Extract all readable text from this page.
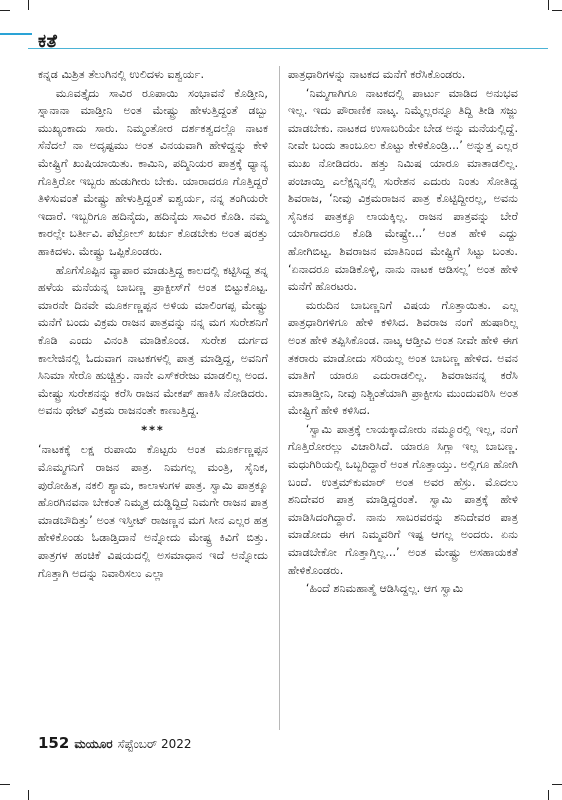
ಕತೆ

ಕನ್ನಡ ಮಿಶ್ರಿತ ತೆಲುಗಿನಲ್ಲಿ ಉಲಿದಳು ಐಶ್ವರ್ಯ.

ಮೂವತ್ತೈದು ಸಾವಿರ ರೂಪಾಯಿ ಸಂಭಾವನೆ ಕೊಡ್ತೀನಿ, ಸ್ನಾನಾನಾ ಮಾಡ್ತೀನಿ ಅಂತ ಮೇಷ್ಟ್ರು ಹೇಳುತ್ತಿದ್ದಂತೆ ಡಬ್ಬು ಮುಖ್ಯಂಕಾದು ಸಾರು. ನಿಮ್ಮಂತೋರ ದರ್ಶಕತ್ವದಲ್ಲೊ ನಾಟಕ ಸೆನೆದಲೆ ನಾ ಅದೃಷ್ಟಮು ಅಂತ ವಿನಯವಾಗಿ ಹೇಳಿದ್ದನ್ನು ಕೇಳಿ ಮೇಷ್ಟ್ರಿಗೆ ಖುಷಿಯಾಯಿತು. ಕಾಮಿನಿ, ಪದ್ಮಿನಿಯರ ಪಾತ್ರಕ್ಕೆ ಧ್ಯಾನ್ಯ ಗೊತ್ತಿರೋ ಇಬ್ಬರು ಹುಡುಗೀರು ಬೇಕು. ಯಾರಾದರೂ ಗೊತ್ತಿದ್ದರೆ ತಿಳಿಸುವಂತೆ ಮೇಷ್ಟ್ರು ಹೇಳುತ್ತಿದ್ದಂತೆ ಐಶ್ವರ್ಯ, ನನ್ನ ತಂಗಿಯರೇ ಇದಾರೆ. ಇಬ್ಬರಿಗೂ ಹದಿನೈದು, ಹದಿನೈದು ಸಾವಿರ ಕೊಡಿ. ನಮ್ಮ ಕಾರಲ್ಲೇ ಬರ್ತೀವಿ. ಪೆಟ್ರೋಲ್ ಖರ್ಚು ಕೊಡಬೇಕು ಅಂತ ಷರತ್ತು ಹಾಕಿದಳು. ಮೇಷ್ಟ್ರು ಒಪ್ಪಿಕೊಂಡರು.

ಹೊಗೆಸೊಪ್ಪಿನ ವ್ಯಾಪಾರ ಮಾಡುತ್ತಿದ್ದ ಕಾಲದಲ್ಲಿ ಕಟ್ಟಿಸಿದ್ದ ತನ್ನ ಹಳೆಯ ಮನೆಯನ್ನ ಬಾಬಣ್ಣ ಪ್ರಾಕ್ಟೀಸ್‌ಗೆ ಅಂತ ಬಿಟ್ಟುಕೊಟ್ಟ. ಮಾರನೇ ದಿನವೇ ಮೂರ್ಕಣ್ಣಪ್ಪನ ಅಳಿಯ ಮಾಲಿಂಗಪ್ಪ ಮೇಷ್ಟ್ರು ಮನೆಗೆ ಬಂದು ವಿಕ್ರಮ ರಾಜನ ಪಾತ್ರವನ್ನು ನನ್ನ ಮಗ ಸುರೇಶನಿಗೆ ಕೊಡಿ ಎಂದು ವಿನಂತಿ ಮಾಡಿಕೊಂಡ. ಸುರೇಶ ದುರ್ಗದ ಕಾಲೇಜಿನಲ್ಲಿ ಓದುವಾಗ ನಾಟಕಗಳಲ್ಲಿ ಪಾತ್ರ ಮಾಡ್ತಿದ್ದ, ಅವನಿಗೆ ಸಿನಿಮಾ ಸೇರೊ ಹುಚ್ಚಿತ್ತು. ನಾನೇ ಎಸ್‌ಕರೇಜು ಮಾಡಲಿಲ್ಲ ಅಂದ. ಮೇಷ್ಟ್ರು ಸುರೇಶನನ್ನು ಕರೆಸಿ ರಾಜನ ಮೇಕಪ್ ಹಾಕಿಸಿ ನೋಡಿದರು. ಅವನು ಥೇಟ್ ವಿಕ್ರಮ ರಾಜನಂತೇ ಕಾಣುತ್ತಿದ್ದ.

***

‘ನಾಟಕಕ್ಕೆ ಲಕ್ಷ ರುಪಾಯಿ ಕೊಟ್ಟರು ಅಂತ ಮೂರ್ಕಣ್ಣಪ್ಪನ ಮೊಮ್ಮಗನಿಗೆ ರಾಜನ ಪಾತ್ರ. ನಿಮಗಲ್ಲ ಮಂತ್ರಿ, ಸೈನಿಕ, ಪುರೋಹಿತ, ನಕಲಿ ಶ್ಯಾಮ, ಕಾಲಾಳುಗಳ ಪಾತ್ರ. ಸ್ವಾಮಿ ಪಾತ್ರಕ್ಕೂ ಹೊರಗಿನವನಾ ಬೇಕಂತೆ ನಿಮ್ಮತ್ರ ದುಡ್ಡಿದ್ದಿದ್ರೆ ನಿಮಗೇ ರಾಜನ ಪಾತ್ರ ಮಾಡಬೌದಿತ್ತು’ ಅಂತ ಇಸ್ತೀಟ್ ರಾಜಣ್ಣನ ಮಗ ಸೀನ ಎಲ್ಲರ ಹತ್ರ ಹೇಳಿಕೊಂಡು ಓಡಾಡ್ತಿದಾನೆ ಅನ್ನೋದು ಮೇಷ್ಟ್ರ ಕಿವಿಗೆ ಬಿತ್ತು. ಪಾತ್ರಗಳ ಹಂಚಿಕೆ ವಿಷಯದಲ್ಲಿ ಅಸಮಾಧಾನ ಇದೆ ಅನ್ನೋದು ಗೊತ್ತಾಗಿ ಅದನ್ನು ನಿವಾರಿಸಲು ಎಲ್ಲಾ

ಪಾತ್ರಧಾರಿಗಳನ್ನು ನಾಟಕದ ಮನೆಗೆ ಕರೆಸಿಕೊಂಡರು.

‘ನಿಮ್ಮಗಾಗಿಗೂ ನಾಟಕದಲ್ಲಿ ಪಾರ್ಟು ಮಾಡಿದ ಅನುಭವ ಇಲ್ಲ. ಇದು ಪೌರಾಣಿಕ ನಾಟ್ಕ. ನಿಮ್ಮೆಲ್ಲರನ್ನೂ ತಿದ್ದಿ ತೀಡಿ ಸಜ್ಜು ಮಾಡಬೇಕು. ನಾಟಕದ ಉಸಾಬರಿಯೇ ಬೇಡ ಅನ್ನು ಮನೆಯಲ್ಲಿದ್ದೆ. ನೀವೇ ಬಂದು ತಾಂಬೂಲ ಕೊಟ್ಟು ಕೇಳಿಕೊಂಡ್ರಿ...’ ಅನ್ನುತ್ತ ಎಲ್ಲರ ಮುಖ ನೋಡಿದರು. ಹತ್ತು ನಿಮಿಷ ಯಾರೂ ಮಾತಾಡಲಿಲ್ಲ. ಪಂಚಾಯ್ತಿ ಎಲೆಕ್ಷನ್ನಿನಲ್ಲಿ ಸುರೇಶನ ಎದುರು ನಿಂತು ಸೋತಿದ್ದ ಶಿವರಾಜ, ‘ನೀವು ವಿಕ್ರಮರಾಜನ ಪಾತ್ರ ಕೊಟ್ಟಿದ್ದೀರಲ್ಲ, ಅವನು ಸೈನಿಕನ ಪಾತ್ರಕ್ಕೂ ಲಾಯಕ್ಕಿಲ್ಲ. ರಾಜನ ಪಾತ್ರವನ್ನು ಬೇರೆ ಯಾರಿಗಾದರೂ ಕೊಡಿ ಮೇಷ್ಟ್ರೇ...’ ಅಂತ ಹೇಳಿ ಎದ್ದು ಹೋಗಿಬಿಟ್ಟ. ಶಿವರಾಜನ ಮಾತಿನಿಂದ ಮೇಷ್ಟ್ರಿಗೆ ಸಿಟ್ಟು ಬಂತು. ‘ಏನಾದರೂ ಮಾಡಿಕೊಳ್ಳಿ, ನಾನು ನಾಟಕ ಆಡಿಸಲ್ಲ’ ಅಂತ ಹೇಳಿ ಮನೆಗೆ ಹೊರಟರು.

ಮರುದಿನ ಬಾಬಣ್ಣನಿಗೆ ವಿಷಯ ಗೊತ್ತಾಯಿತು. ಎಲ್ಲ ಪಾತ್ರಧಾರಿಗಳಿಗೂ ಹೇಳಿ ಕಳಿಸಿದ. ಶಿವರಾಜ ನಂಗೆ ಹುಷಾರಿಲ್ಲ ಅಂತ ಹೇಳಿ ತಪ್ಪಿಸಿಕೊಂಡ. ನಾಟ್ಕ ಆಡ್ತೀವಿ ಅಂತ ನೀವೇ ಹೇಳಿ ಈಗ ತಕರಾರು ಮಾಡೋದು ಸರಿಯಲ್ಲ ಅಂತ ಬಾಬಣ್ಣ ಹೇಳಿದ. ಅವನ ಮಾತಿಗೆ ಯಾರೂ ಎದುರಾಡಲಿಲ್ಲ. ಶಿವರಾಜನನ್ನ ಕರೆಸಿ ಮಾತಾಡ್ತೀನಿ, ನೀವು ನಿಶ್ಚಿಂತೆಯಾಗಿ ಪ್ರಾಕ್ಟೀಸು ಮುಂದುವರಿಸಿ ಅಂತ ಮೇಷ್ಟ್ರಿಗೆ ಹೇಳಿ ಕಳಿಸಿದ.

‘ಸ್ವಾಮಿ ಪಾತ್ರಕ್ಕೆ ಲಾಯಕ್ಕಾದೋರು ನಮ್ಮೂರಲ್ಲಿ ಇಲ್ಲ, ನಂಗೆ ಗೊತ್ತಿರೋರಲ್ಲು ವಿಚಾರಿಸಿದೆ. ಯಾರೂ ಸಿಗ್ಲಾ ಇಲ್ಲ ಬಾಬಣ್ಣ. ಮಧುಗಿರಿಯಲ್ಲಿ ಒಬ್ಬರಿದ್ದಾರೆ ಅಂತ ಗೊತ್ತಾಯ್ತು. ಅಲ್ಲಿಗೂ ಹೋಗಿ ಬಂದೆ. ಉತ್ತಮ್‌ಕುಮಾರ್ ಅಂತ ಅವರ ಹೆಸ್ರು. ಮೊದಲು ಶನಿದೇವರ ಪಾತ್ರ ಮಾಡ್ತಿದ್ದರಂತೆ. ಸ್ವಾಮಿ ಪಾತ್ರಕ್ಕೆ ಹೇಳಿ ಮಾಡಿಸಿದಂಗಿದ್ದಾರೆ. ನಾನು ಸಾಬರವರನ್ನು ಶನಿದೇವರ ಪಾತ್ರ ಮಾಡೋದು ಈಗ ನಿಮ್ಮವರಿಗೆ ಇಷ್ಟ ಆಗಲ್ಲ ಅಂದರು. ಏನು ಮಾಡಬೇಕೋ ಗೊತ್ತಾಗ್ತಿಲ್ಲ...’ ಅಂತ ಮೇಷ್ಟ್ರು ಅಸಹಾಯಕತೆ ಹೇಳಿಕೊಂಡರು.

‘ಹಿಂದೆ ಶನಿಮಹಾತ್ಮೆ ಆಡಿಸಿದ್ದಲ್ಲ. ಆಗ ಸ್ವಾಮಿ

152 ಮಯೂರ ಸೆಪ್ಟೆಂಬರ್ 2022
